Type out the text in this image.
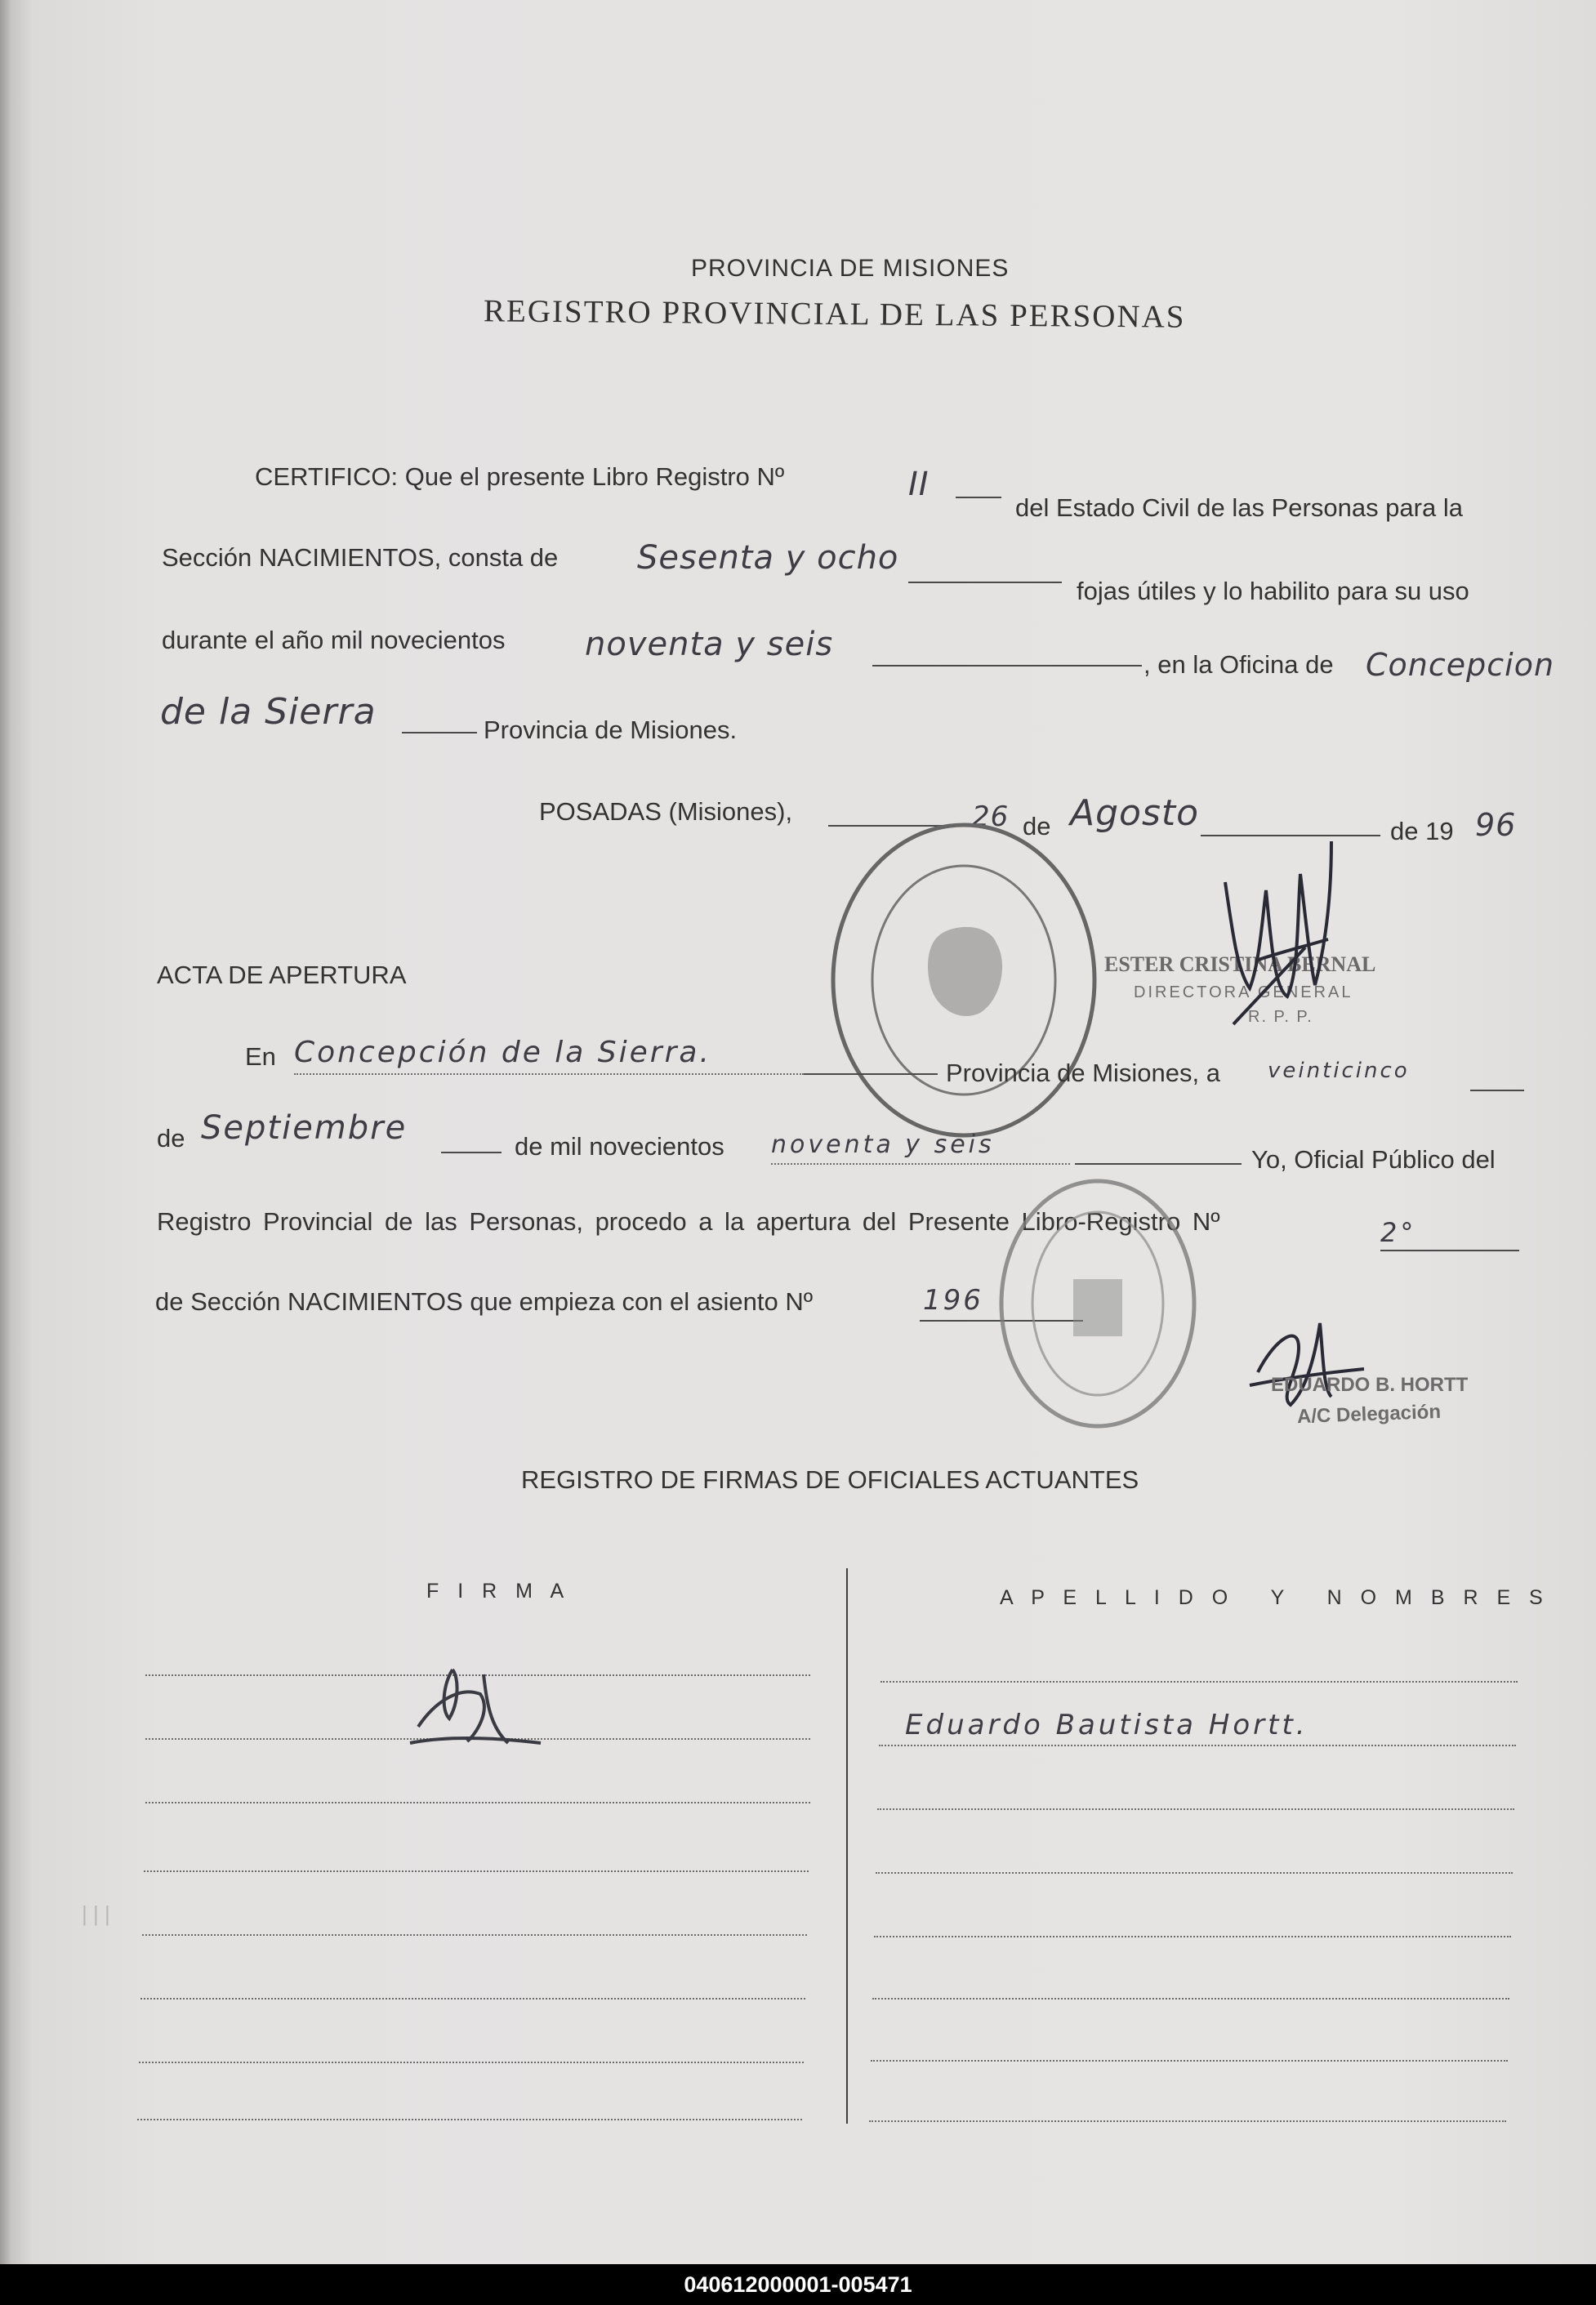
PROVINCIA DE MISIONES
REGISTRO PROVINCIAL DE LAS PERSONAS
CERTIFICO: Que el presente Libro Registro Nº	II
del Estado Civil de las Personas para la
Sección NACIMIENTOS, consta de Sesenta y ocho
fojas útiles y lo habilito para su uso
durante el año mil novecientos noventa y seis
, en la Oficina de Concepcion
de la Sierra	Provincia de Misiones.
POSADAS (Misiones),	26 de Agosto	de 19 96
ESTER CRISTINA BERNAL
DIRECTORA GENERAL
R. P. P.
ACTA DE APERTURA
En Concepción de la Sierra.
Provincia de Misiones, a veinticinco
de Septiembre	de mil novecientos noventa y seis
Yo, Oficial Público del
Registro Provincial de las Personas, procedo a la apertura del Presente Libro-Registro Nº	2°
de Sección NACIMIENTOS que empieza con el asiento Nº	196
EDUARDO B. HORTT
A/C Delegación
REGISTRO DE FIRMAS DE OFICIALES ACTUANTES
F I R M A	A P E L L I D O   Y   N O M B R E S
Eduardo Bautista Hortt.
| | |
040612000001-005471
